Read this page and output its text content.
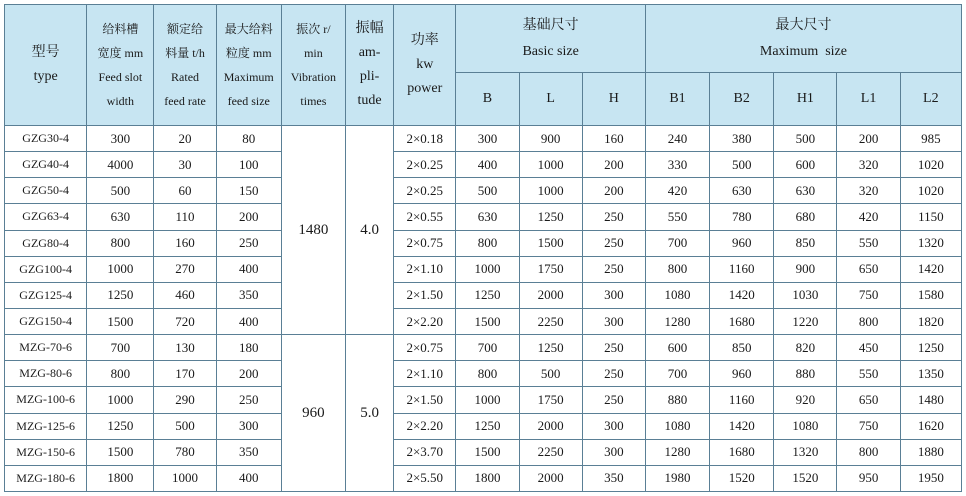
型号
type	给料槽
宽度 mm
Feed slot
width	额定给
料量 t/h
Rated
feed rate	最大给料
粒度 mm
Maximum
feed size	振次 r/
min
Vibration
times	振幅
am-
pli-
tude	功率
kw
power	基础尺寸
Basic size			最大尺寸
Maximum  size				

							B	L	H	B1	B2	H1	L1	L2
GZG30-4	300	20	80	1480	4.0	2×0.18	300	900	160	240	380	500	200	985
GZG40-4	4000	30	100			2×0.25	400	1000	200	330	500	600	320	1020
GZG50-4	500	60	150			2×0.25	500	1000	200	420	630	630	320	1020
GZG63-4	630	110	200			2×0.55	630	1250	250	550	780	680	420	1150
GZG80-4	800	160	250			2×0.75	800	1500	250	700	960	850	550	1320
GZG100-4	1000	270	400			2×1.10	1000	1750	250	800	1160	900	650	1420
GZG125-4	1250	460	350			2×1.50	1250	2000	300	1080	1420	1030	750	1580
GZG150-4	1500	720	400			2×2.20	1500	2250	300	1280	1680	1220	800	1820
MZG-70-6	700	130	180	960	5.0	2×0.75	700	1250	250	600	850	820	450	1250
MZG-80-6	800	170	200			2×1.10	800	500	250	700	960	880	550	1350
MZG-100-6	1000	290	250			2×1.50	1000	1750	250	880	1160	920	650	1480
MZG-125-6	1250	500	300			2×2.20	1250	2000	300	1080	1420	1080	750	1620
MZG-150-6	1500	780	350			2×3.70	1500	2250	300	1280	1680	1320	800	1880
MZG-180-6	1800	1000	400			2×5.50	1800	2000	350	1980	1520	1520	950	1950
